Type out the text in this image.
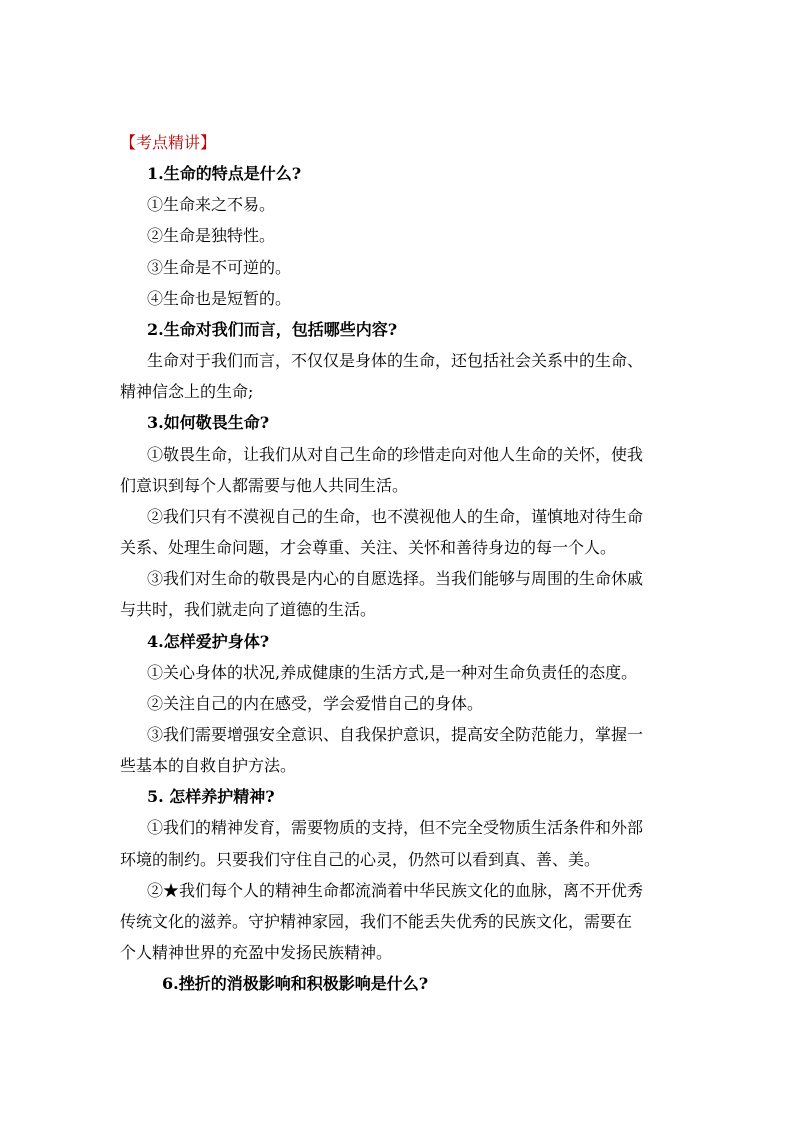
【考点精讲】
1.生命的特点是什么?
①生命来之不易。
②生命是独特性。
③生命是不可逆的。
④生命也是短暂的。
2.生命对我们而言，包括哪些内容?
生命对于我们而言，不仅仅是身体的生命，还包括社会关系中的生命、
精神信念上的生命;
3.如何敬畏生命?
①敬畏生命，让我们从对自己生命的珍惜走向对他人生命的关怀，使我
们意识到每个人都需要与他人共同生活。
②我们只有不漠视自己的生命，也不漠视他人的生命，谨慎地对待生命
关系、处理生命问题，才会尊重、关注、关怀和善待身边的每一个人。
③我们对生命的敬畏是内心的自愿选择。当我们能够与周围的生命休戚
与共时，我们就走向了道德的生活。
4.怎样爱护身体?
①关心身体的状况,养成健康的生活方式,是一种对生命负责任的态度。
②关注自己的内在感受，学会爱惜自己的身体。
③我们需要增强安全意识、自我保护意识，提高安全防范能力，掌握一
些基本的自救自护方法。
5. 怎样养护精神?
①我们的精神发育，需要物质的支持，但不完全受物质生活条件和外部
环境的制约。只要我们守住自己的心灵，仍然可以看到真、善、美。
②★我们每个人的精神生命都流淌着中华民族文化的血脉，离不开优秀
传统文化的滋养。守护精神家园，我们不能丢失优秀的民族文化，需要在
个人精神世界的充盈中发扬民族精神。
6.挫折的消极影响和积极影响是什么?
